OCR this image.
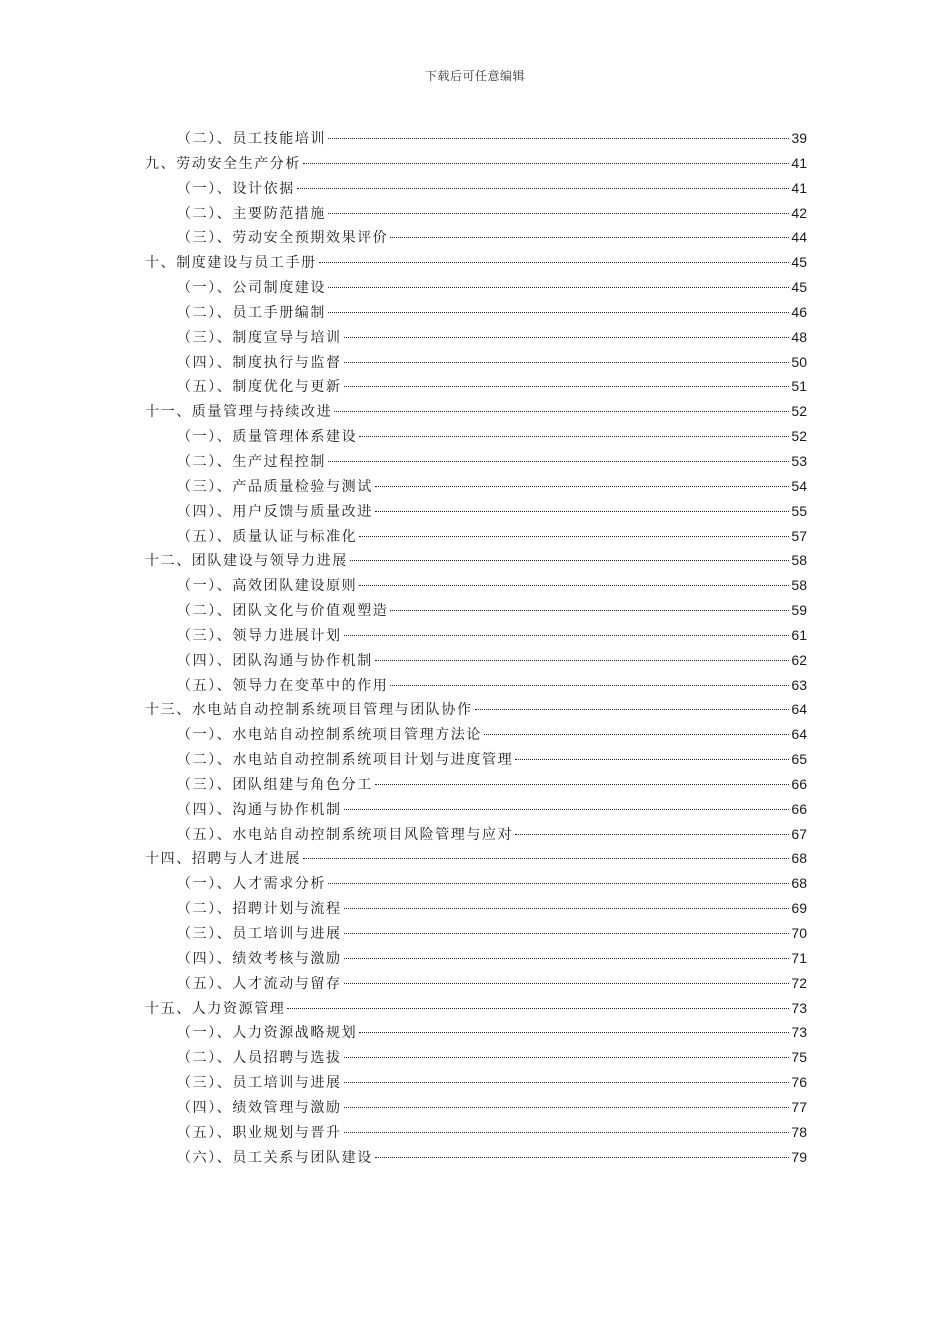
下载后可任意编辑
（二）、员工技能培训	39
九、劳动安全生产分析	41
（一）、设计依据	41
（二）、主要防范措施	42
（三）、劳动安全预期效果评价	44
十、制度建设与员工手册	45
（一）、公司制度建设	45
（二）、员工手册编制	46
（三）、制度宣导与培训	48
（四）、制度执行与监督	50
（五）、制度优化与更新	51
十一、质量管理与持续改进	52
（一）、质量管理体系建设	52
（二）、生产过程控制	53
（三）、产品质量检验与测试	54
（四）、用户反馈与质量改进	55
（五）、质量认证与标准化	57
十二、团队建设与领导力进展	58
（一）、高效团队建设原则	58
（二）、团队文化与价值观塑造	59
（三）、领导力进展计划	61
（四）、团队沟通与协作机制	62
（五）、领导力在变革中的作用	63
十三、水电站自动控制系统项目管理与团队协作	64
（一）、水电站自动控制系统项目管理方法论	64
（二）、水电站自动控制系统项目计划与进度管理	65
（三）、团队组建与角色分工	66
（四）、沟通与协作机制	66
（五）、水电站自动控制系统项目风险管理与应对	67
十四、招聘与人才进展	68
（一）、人才需求分析	68
（二）、招聘计划与流程	69
（三）、员工培训与进展	70
（四）、绩效考核与激励	71
（五）、人才流动与留存	72
十五、人力资源管理	73
（一）、人力资源战略规划	73
（二）、人员招聘与选拔	75
（三）、员工培训与进展	76
（四）、绩效管理与激励	77
（五）、职业规划与晋升	78
（六）、员工关系与团队建设	79
